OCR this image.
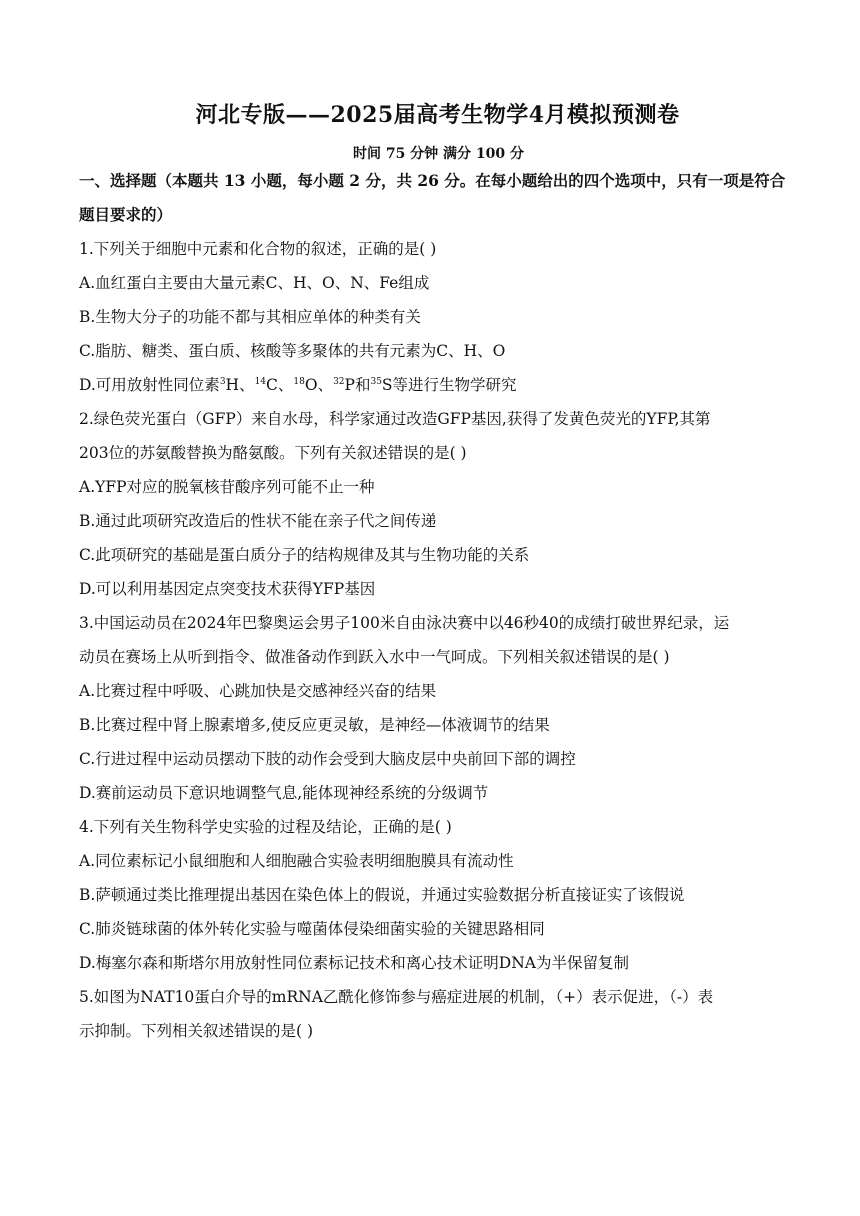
河北专版——2025届高考生物学4月模拟预测卷

时间 75 分钟 满分 100 分

一、选择题（本题共 13 小题，每小题 2 分，共 26 分。在每小题给出的四个选项中，只有一项是符合题目要求的）

1.下列关于细胞中元素和化合物的叙述，正确的是( )

A.血红蛋白主要由大量元素C、H、O、N、Fe组成

B.生物大分子的功能不都与其相应单体的种类有关

C.脂肪、糖类、蛋白质、核酸等多聚体的共有元素为C、H、O

D.可用放射性同位素$^3$H、$^{14}$C、$^{18}$O、$^{32}$P和$^{35}$S等进行生物学研究

2.绿色荧光蛋白（GFP）来自水母，科学家通过改造GFP基因,获得了发黄色荧光的YFP,其第

203位的苏氨酸替换为酪氨酸。下列有关叙述错误的是( )

A.YFP对应的脱氧核苷酸序列可能不止一种

B.通过此项研究改造后的性状不能在亲子代之间传递

C.此项研究的基础是蛋白质分子的结构规律及其与生物功能的关系

D.可以利用基因定点突变技术获得YFP基因

3.中国运动员在2024年巴黎奥运会男子100米自由泳决赛中以46秒40的成绩打破世界纪录，运

动员在赛场上从听到指令、做准备动作到跃入水中一气呵成。下列相关叙述错误的是( )

A.比赛过程中呼吸、心跳加快是交感神经兴奋的结果

B.比赛过程中肾上腺素增多,使反应更灵敏，是神经—体液调节的结果

C.行进过程中运动员摆动下肢的动作会受到大脑皮层中央前回下部的调控

D.赛前运动员下意识地调整气息,能体现神经系统的分级调节

4.下列有关生物科学史实验的过程及结论，正确的是( )

A.同位素标记小鼠细胞和人细胞融合实验表明细胞膜具有流动性

B.萨顿通过类比推理提出基因在染色体上的假说，并通过实验数据分析直接证实了该假说

C.肺炎链球菌的体外转化实验与噬菌体侵染细菌实验的关键思路相同

D.梅塞尔森和斯塔尔用放射性同位素标记技术和离心技术证明DNA为半保留复制

5.如图为NAT10蛋白介导的mRNA乙酰化修饰参与癌症进展的机制，（+）表示促进，（-）表

示抑制。下列相关叙述错误的是( )
